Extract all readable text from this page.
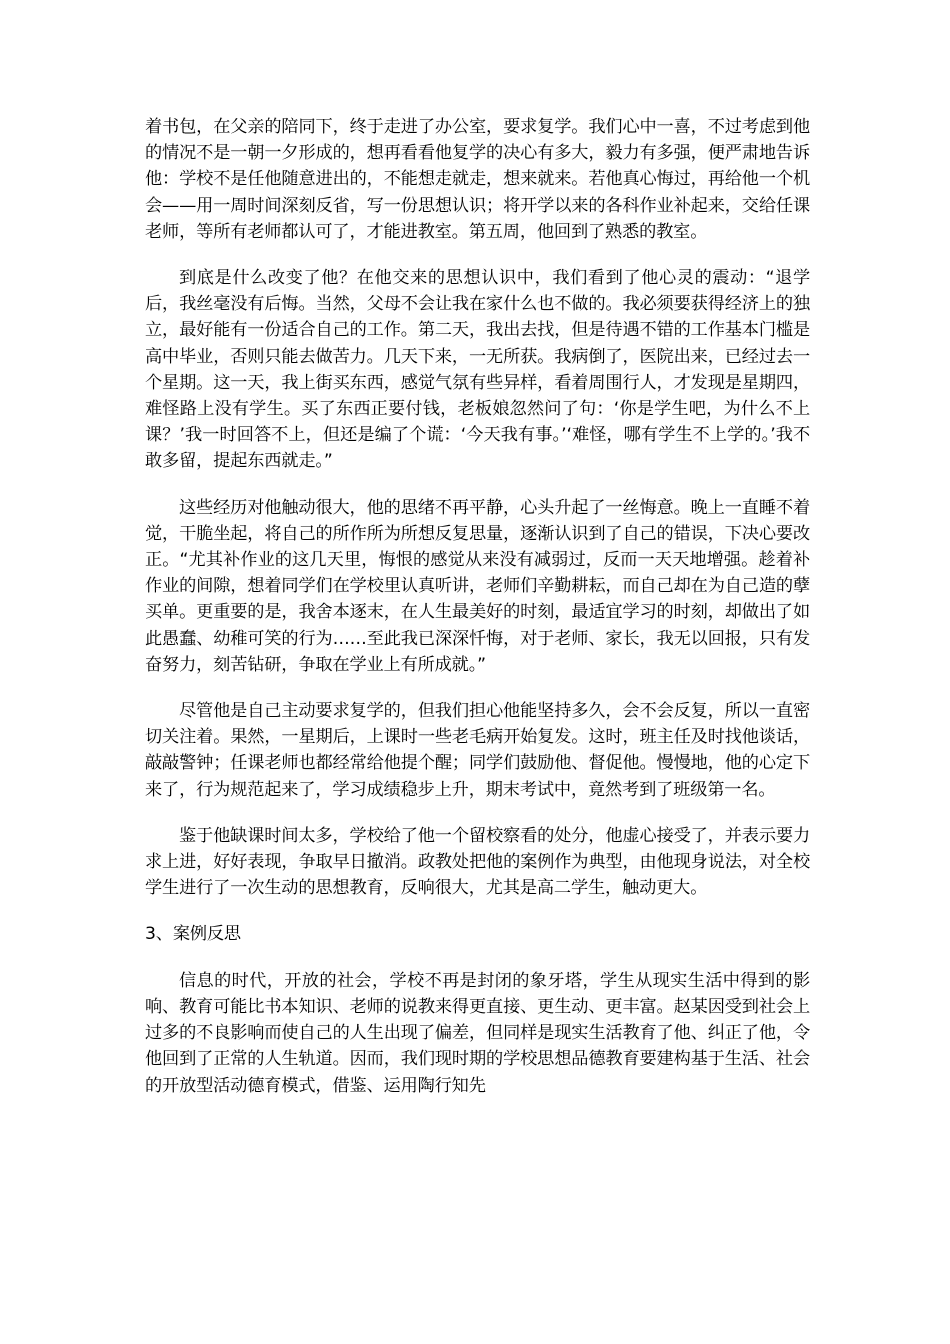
着书包，在父亲的陪同下，终于走进了办公室，要求复学。我们心中一喜，不过考虑到他的情况不是一朝一夕形成的，想再看看他复学的决心有多大，毅力有多强，便严肃地告诉他：学校不是任他随意进出的，不能想走就走，想来就来。若他真心悔过，再给他一个机会——用一周时间深刻反省，写一份思想认识；将开学以来的各科作业补起来，交给任课老师，等所有老师都认可了，才能进教室。第五周，他回到了熟悉的教室。

到底是什么改变了他？在他交来的思想认识中，我们看到了他心灵的震动：“退学后，我丝毫没有后悔。当然，父母不会让我在家什么也不做的。我必须要获得经济上的独立，最好能有一份适合自己的工作。第二天，我出去找，但是待遇不错的工作基本门槛是高中毕业，否则只能去做苦力。几天下来，一无所获。我病倒了，医院出来，已经过去一个星期。这一天，我上街买东西，感觉气氛有些异样，看着周围行人，才发现是星期四，难怪路上没有学生。买了东西正要付钱，老板娘忽然问了句：‘你是学生吧，为什么不上课？’我一时回答不上，但还是编了个谎：‘今天我有事。’‘难怪，哪有学生不上学的。’我不敢多留，提起东西就走。”

这些经历对他触动很大，他的思绪不再平静，心头升起了一丝悔意。晚上一直睡不着觉，干脆坐起，将自己的所作所为所想反复思量，逐渐认识到了自己的错误，下决心要改正。“尤其补作业的这几天里，悔恨的感觉从来没有减弱过，反而一天天地增强。趁着补作业的间隙，想着同学们在学校里认真听讲，老师们辛勤耕耘，而自己却在为自己造的孽买单。更重要的是，我舍本逐末，在人生最美好的时刻，最适宜学习的时刻，却做出了如此愚蠢、幼稚可笑的行为……至此我已深深忏悔，对于老师、家长，我无以回报，只有发奋努力，刻苦钻研，争取在学业上有所成就。”

尽管他是自己主动要求复学的，但我们担心他能坚持多久，会不会反复，所以一直密切关注着。果然，一星期后，上课时一些老毛病开始复发。这时，班主任及时找他谈话，敲敲警钟；任课老师也都经常给他提个醒；同学们鼓励他、督促他。慢慢地，他的心定下来了，行为规范起来了，学习成绩稳步上升，期末考试中，竟然考到了班级第一名。

鉴于他缺课时间太多，学校给了他一个留校察看的处分，他虚心接受了，并表示要力求上进，好好表现，争取早日撤消。政教处把他的案例作为典型，由他现身说法，对全校学生进行了一次生动的思想教育，反响很大，尤其是高二学生，触动更大。

3、案例反思

信息的时代，开放的社会，学校不再是封闭的象牙塔，学生从现实生活中得到的影响、教育可能比书本知识、老师的说教来得更直接、更生动、更丰富。赵某因受到社会上过多的不良影响而使自己的人生出现了偏差，但同样是现实生活教育了他、纠正了他，令他回到了正常的人生轨道。因而，我们现时期的学校思想品德教育要建构基于生活、社会的开放型活动德育模式，借鉴、运用陶行知先
